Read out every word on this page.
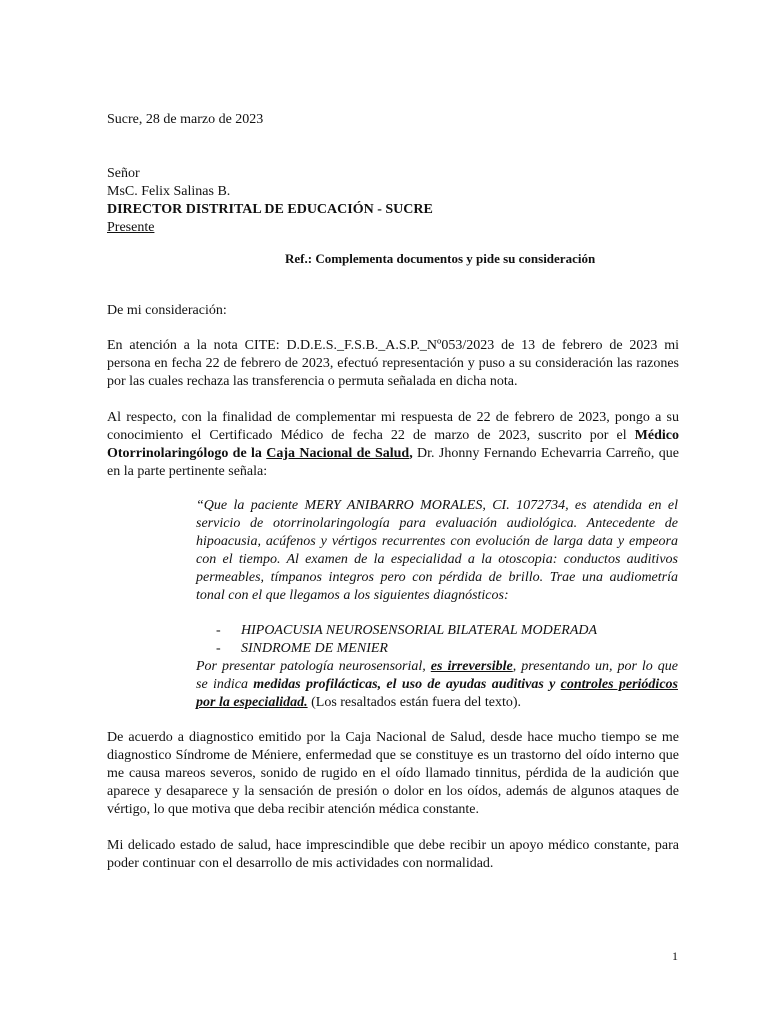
Sucre, 28 de marzo de 2023

Señor

MsC. Felix Salinas B.

DIRECTOR DISTRITAL DE EDUCACIÓN - SUCRE

Presente

Ref.: Complementa documentos y pide su consideración

De mi consideración:

En atención a la nota CITE: D.D.E.S._F.S.B._A.S.P._Nº053/2023 de 13 de febrero de 2023 mi persona en fecha 22 de febrero de 2023, efectuó representación y puso a su consideración las razones por las cuales rechaza las transferencia o permuta señalada en dicha nota.

Al respecto, con la finalidad de complementar mi respuesta de 22 de febrero de 2023, pongo a su conocimiento el Certificado Médico de fecha 22 de marzo de 2023, suscrito por el Médico Otorrinolaringólogo de la Caja Nacional de Salud, Dr. Jhonny Fernando Echevarria Carreño, que en la parte pertinente señala:

“Que la paciente MERY ANIBARRO MORALES, CI. 1072734, es atendida en el servicio de otorrinolaringología para evaluación audiológica. Antecedente de hipoacusia, acúfenos y vértigos recurrentes con evolución de larga data y empeora con el tiempo. Al examen de la especialidad a la otoscopia: conductos auditivos permeables, tímpanos integros pero con pérdida de brillo. Trae una audiometría tonal con el que llegamos a los siguientes diagnósticos:

- HIPOACUSIA NEUROSENSORIAL BILATERAL MODERADA
- SINDROME DE MENIER

Por presentar patología neurosensorial, es irreversible, presentando un, por lo que se indica medidas profilácticas, el uso de ayudas auditivas y controles periódicos por la especialidad. (Los resaltados están fuera del texto).

De acuerdo a diagnostico emitido por la Caja Nacional de Salud, desde hace mucho tiempo se me diagnostico Síndrome de Méniere, enfermedad que se constituye es un trastorno del oído interno que me causa mareos severos, sonido de rugido en el oído llamado tinnitus, pérdida de la audición que aparece y desaparece y la sensación de presión o dolor en los oídos, además de algunos ataques de vértigo, lo que motiva que deba recibir atención médica constante.

Mi delicado estado de salud, hace imprescindible que debe recibir un apoyo médico constante, para poder continuar con el desarrollo de mis actividades con normalidad.

1
